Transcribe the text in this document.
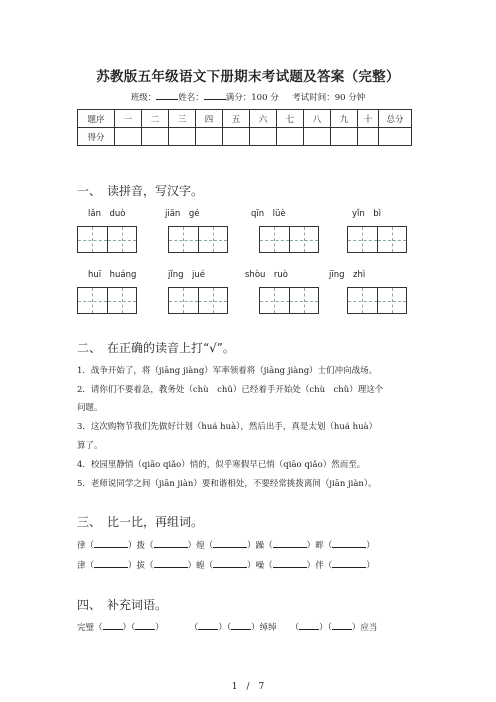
苏教版五年级语文下册期末考试题及答案（完整）
班级：	姓名：	满分：100 分 考试时间：90 分钟
题序	一	二	三	四	五	六	七	八	九	十	总分
得分											
一、　读拼音，写汉字。
lǎn　duò	jiān　gé	qīn　lüè	yǐn　bì
huī　huáng	jǐng　jué	shòu　ruò	jīng　zhì
二、　在正确的读音上打“√”。
1．战争开始了，将（jiāng jiàng）军率领着将（jiāng jiàng）士们冲向战场。
2．请你们不要着急，教务处（chù　chǔ）已经着手开始处（chù　chǔ）理这个
问题。
3．这次购物节我们先做好计划（huá huà），然后出手，真是太划（huá huà）
算了。
4．校园里静悄（qiāo qiǎo）悄的，似乎寒假早已悄（qiāo qiǎo）然而至。
5．老师说同学之间（jiān jiàn）要和谐相处，不要经常挑拨离间（jiān jiàn）。
三、　比一比，再组词。
律（	）拨（	）煌（	）躁（	）畔（	）
津（	）拔（	）蝗（	）噪（	）伴（	）
四、　补充词语。
完璧（ ）（ ）	（ ）（ ）绰绰 （ ）（ ）应当
1　/　7
